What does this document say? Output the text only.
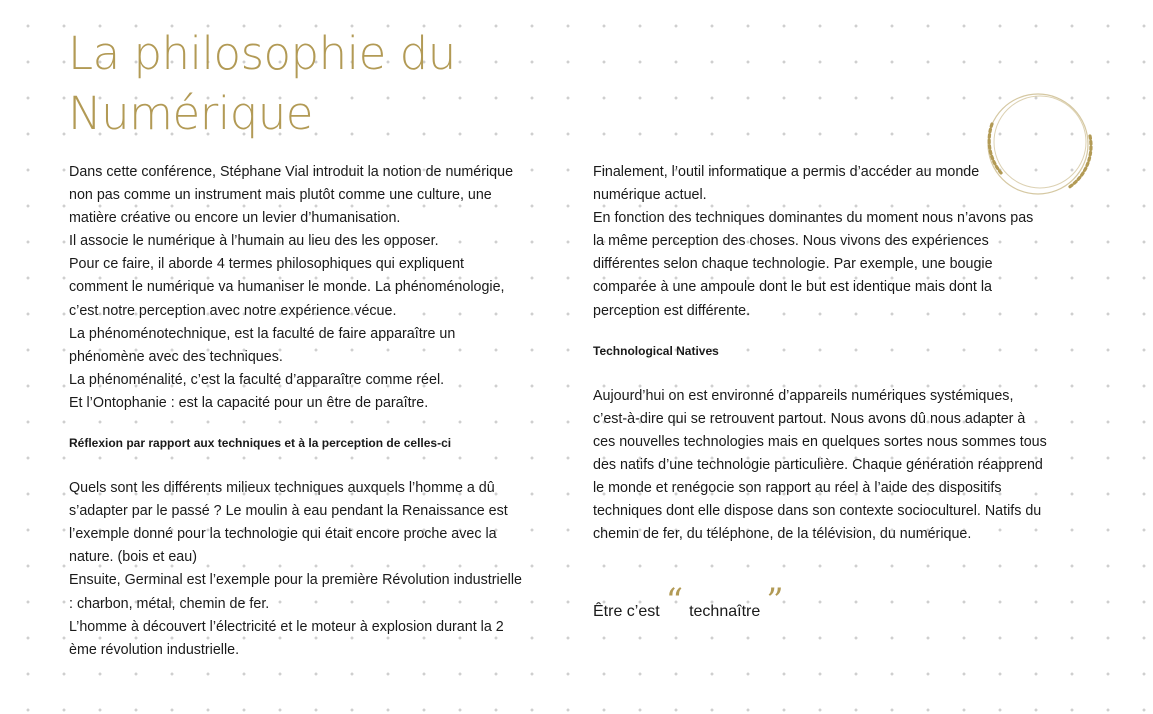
La philosophie du
Numérique

Dans cette conférence, Stéphane Vial introduit la notion de numérique non pas comme un instrument mais plutôt comme une culture, une matière créative ou encore un levier d’humanisation.

Il associe le numérique à l’humain au lieu des les opposer.

Pour ce faire, il aborde 4 termes philosophiques qui expliquent comment le numérique va humaniser le monde. La phénoménologie, c’est notre perception avec notre expérience vécue.

La phénoménotechnique, est la faculté de faire apparaître un phénomène avec des techniques.

La phénoménalité, c’est la faculté d’apparaître comme réel.

Et l’Ontophanie : est la capacité pour un être de paraître.

Réflexion par rapport aux techniques et à la perception de celles-ci

Quels sont les différents milieux techniques auxquels l’homme a dû s’adapter par le passé ? Le moulin à eau pendant la Renaissance est l’exemple donné pour la technologie qui était encore proche avec la nature. (bois et eau)

Ensuite, Germinal est l’exemple pour la première Révolution industrielle : charbon, métal, chemin de fer.

L’homme à découvert l’électricité et le moteur à explosion durant la 2 ème révolution industrielle.

Finalement, l’outil informatique a permis d’accéder au monde numérique actuel.

En fonction des techniques dominantes du moment nous n’avons pas la même perception des choses. Nous vivons des expériences différentes selon chaque technologie. Par exemple, une bougie comparée à une ampoule dont le but est identique mais dont la perception est différente.

Technological Natives

Aujourd’hui on est environné d’appareils numériques systémiques, c’est-à-dire qui se retrouvent partout. Nous avons dû nous adapter à ces nouvelles technologies mais en quelques sortes nous sommes tous des natifs d’une technologie particulière. Chaque génération réapprend le monde et renégocie son rapport au réel à l’aide des dispositifs techniques dont elle dispose dans son contexte socioculturel. Natifs du chemin de fer, du téléphone, de la télévision, du numérique.

Être c’est “ technaître ”
